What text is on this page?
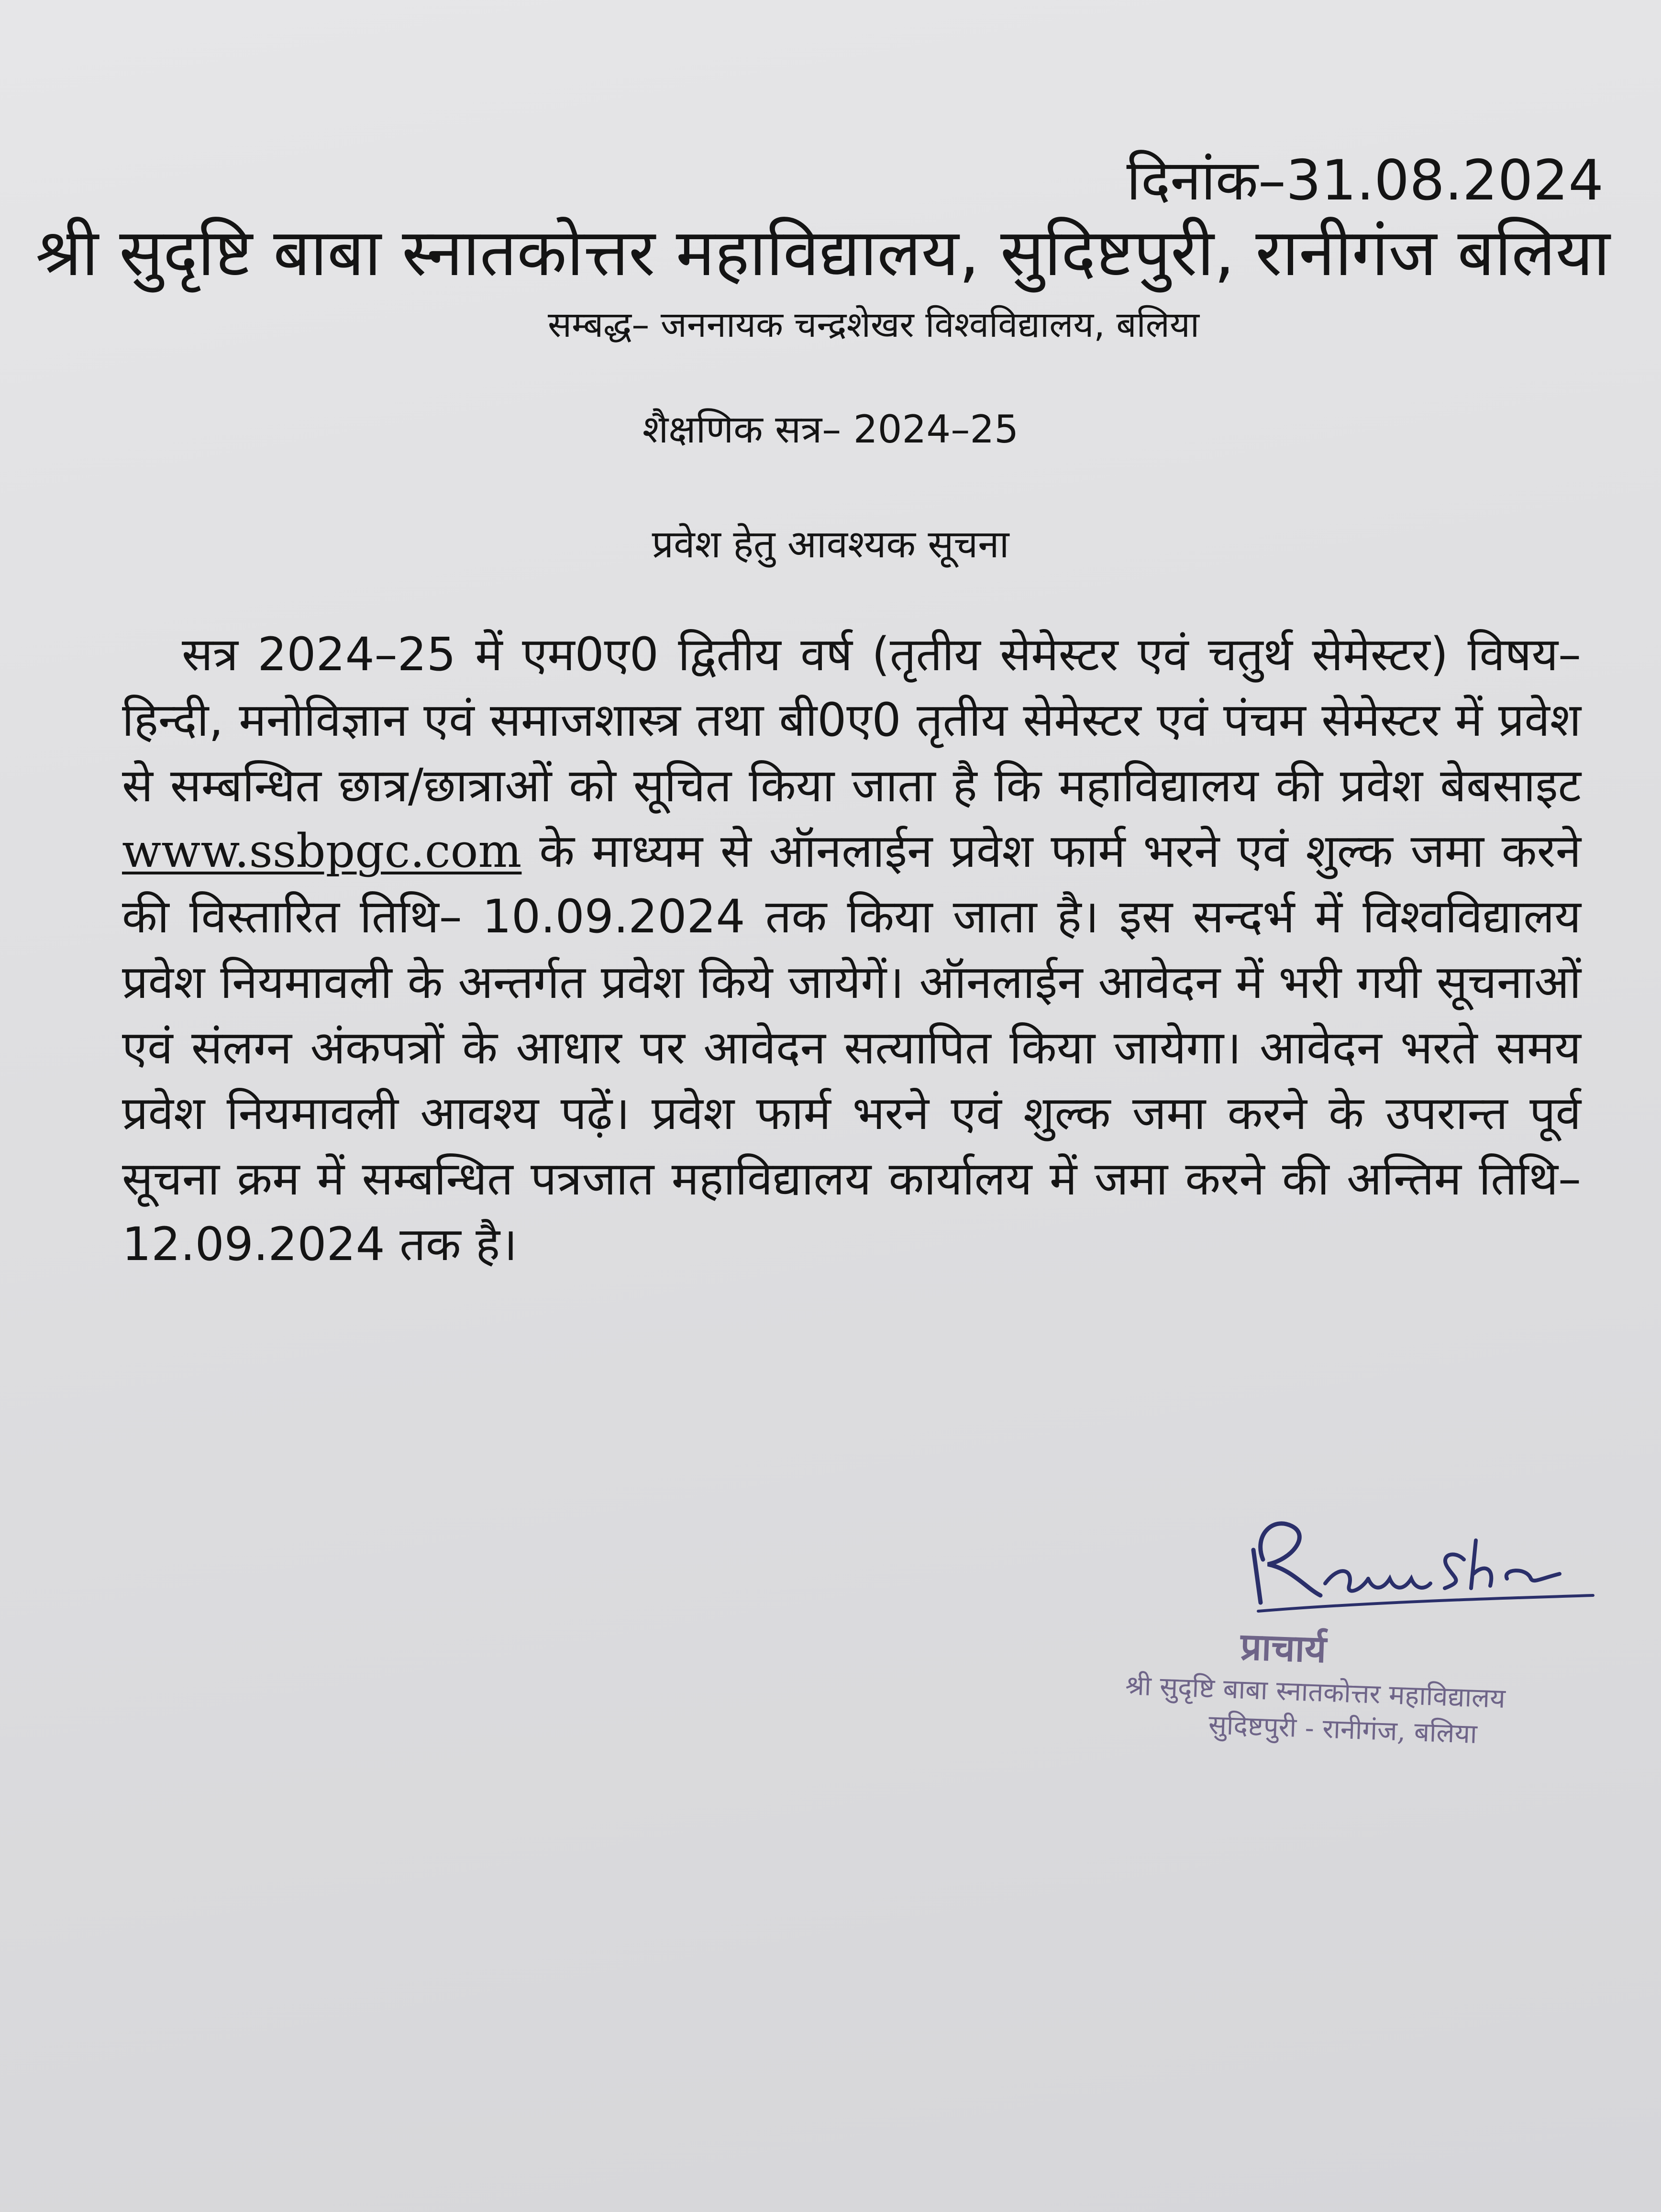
दिनांक–31.08.2024
श्री सुदृष्टि बाबा स्नातकोत्तर महाविद्यालय, सुदिष्टपुरी, रानीगंज बलिया
सम्बद्ध– जननायक चन्द्रशेखर विश्वविद्यालय, बलिया
शैक्षणिक सत्र– 2024–25
प्रवेश हेतु आवश्यक सूचना
सत्र 2024–25 में एम0ए0 द्वितीय वर्ष (तृतीय सेमेस्टर एवं चतुर्थ सेमेस्टर) विषय– हिन्दी, मनोविज्ञान एवं समाजशास्त्र तथा बी0ए0 तृतीय सेमेस्टर एवं पंचम सेमेस्टर में प्रवेश से सम्बन्धित छात्र/छात्राओं को सूचित किया जाता है कि महाविद्यालय की प्रवेश बेबसाइट www.ssbpgc.com के माध्यम से ऑनलाईन प्रवेश फार्म भरने एवं शुल्क जमा करने की विस्तारित तिथि– 10.09.2024 तक किया जाता है। इस सन्दर्भ में विश्वविद्यालय प्रवेश नियमावली के अन्तर्गत प्रवेश किये जायेगें। ऑनलाईन आवेदन में भरी गयी सूचनाओं एवं संलग्न अंकपत्रों के आधार पर आवेदन सत्यापित किया जायेगा। आवेदन भरते समय प्रवेश नियमावली आवश्य पढ़ें। प्रवेश फार्म भरने एवं शुल्क जमा करने के उपरान्त पूर्व सूचना क्रम में सम्बन्धित पत्रजात महाविद्यालय कार्यालय में जमा करने की अन्तिम तिथि– 12.09.2024 तक है।
प्राचार्य
श्री सुदृष्टि बाबा स्नातकोत्तर महाविद्यालय
सुदिष्टपुरी - रानीगंज, बलिया
